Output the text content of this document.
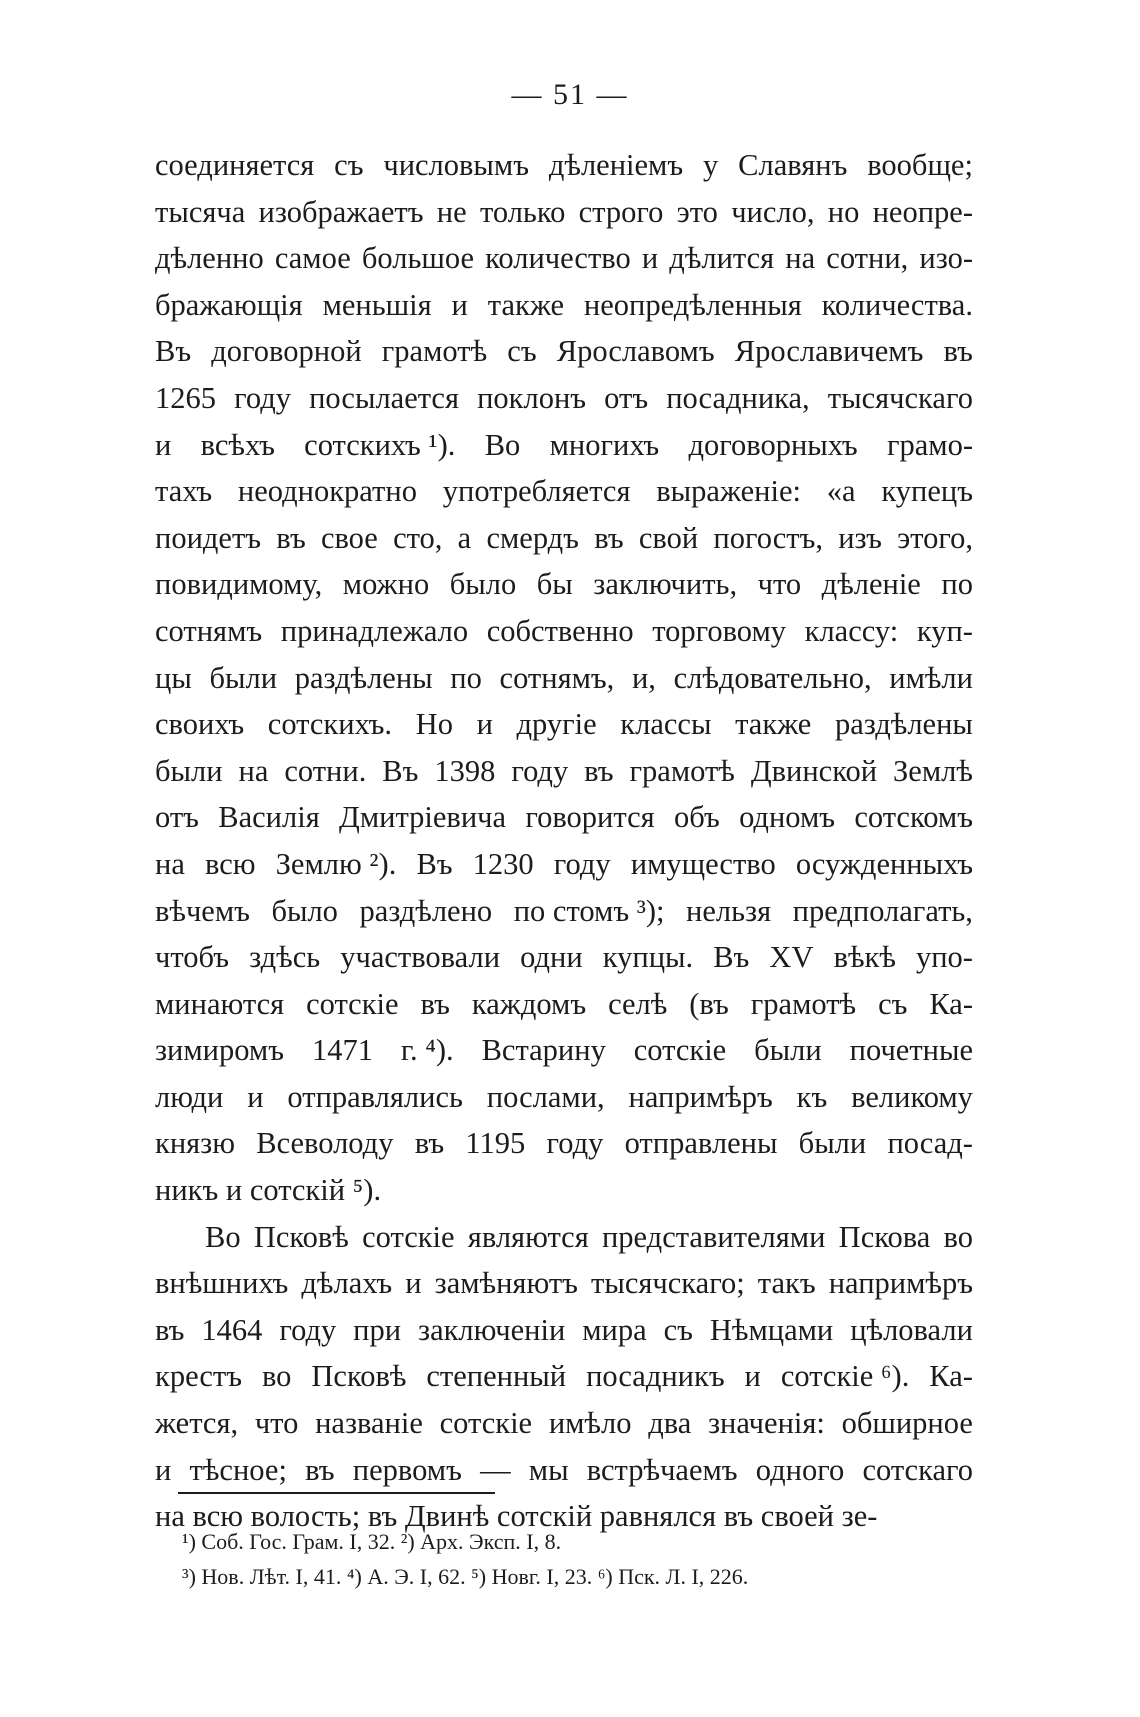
— 51 —
соединяется съ числовымъ дѣленіемъ у Славянъ вообще;
тысяча изображаетъ не только строго это число, но неопре-
дѣленно самое большое количество и дѣлится на сотни, изо-
бражающія меньшія и также неопредѣленныя количества.
Въ договорной грамотѣ съ Ярославомъ Ярославичемъ въ
1265 году посылается поклонъ отъ посадника, тысячскаго
и всѣхъ сотскихъ ¹). Во многихъ договорныхъ грамо-
тахъ неоднократно употребляется выраженіе: «а купецъ
поидетъ въ свое сто, а смердъ въ свой погостъ, изъ этого,
повидимому, можно было бы заключить, что дѣленіе по
сотнямъ принадлежало собственно торговому классу: куп-
цы были раздѣлены по сотнямъ, и, слѣдовательно, имѣли
своихъ сотскихъ. Но и другіе классы также раздѣлены
были на сотни. Въ 1398 году въ грамотѣ Двинской Землѣ
отъ Василія Дмитріевича говорится объ одномъ сотскомъ
на всю Землю ²). Въ 1230 году имущество осужденныхъ
вѣчемъ было раздѣлено по стомъ ³); нельзя предполагать,
чтобъ здѣсь участвовали одни купцы. Въ XV вѣкѣ упо-
минаются сотскіе въ каждомъ селѣ (въ грамотѣ съ Ка-
зимиромъ 1471 г. ⁴). Встарину сотскіе были почетные
люди и отправлялись послами, напримѣръ къ великому
князю Всеволоду въ 1195 году отправлены были посад-
никъ
и
сотскій ⁵).
Во Псковѣ сотскіе являются представителями Пскова во
внѣшнихъ дѣлахъ и замѣняютъ тысячскаго; такъ напримѣръ
въ 1464 году при заключеніи мира съ Нѣмцами цѣловали
крестъ во Псковѣ степенный посадникъ и сотскіе ⁶). Ка-
жется, что названіе сотскіе имѣло два значенія: обширное
и тѣсное; въ первомъ — мы встрѣчаемъ одного сотскаго
на
всю
волость;
въ
Двинѣ
сотскій
равнялся
въ
своей
зе-
¹) Соб. Гос. Грам. I, 32. ²) Арх. Эксп. I, 8.
³) Нов. Лѣт. I, 41. ⁴) А. Э. I, 62. ⁵) Новг. I, 23. ⁶) Пск. Л. I, 226.
